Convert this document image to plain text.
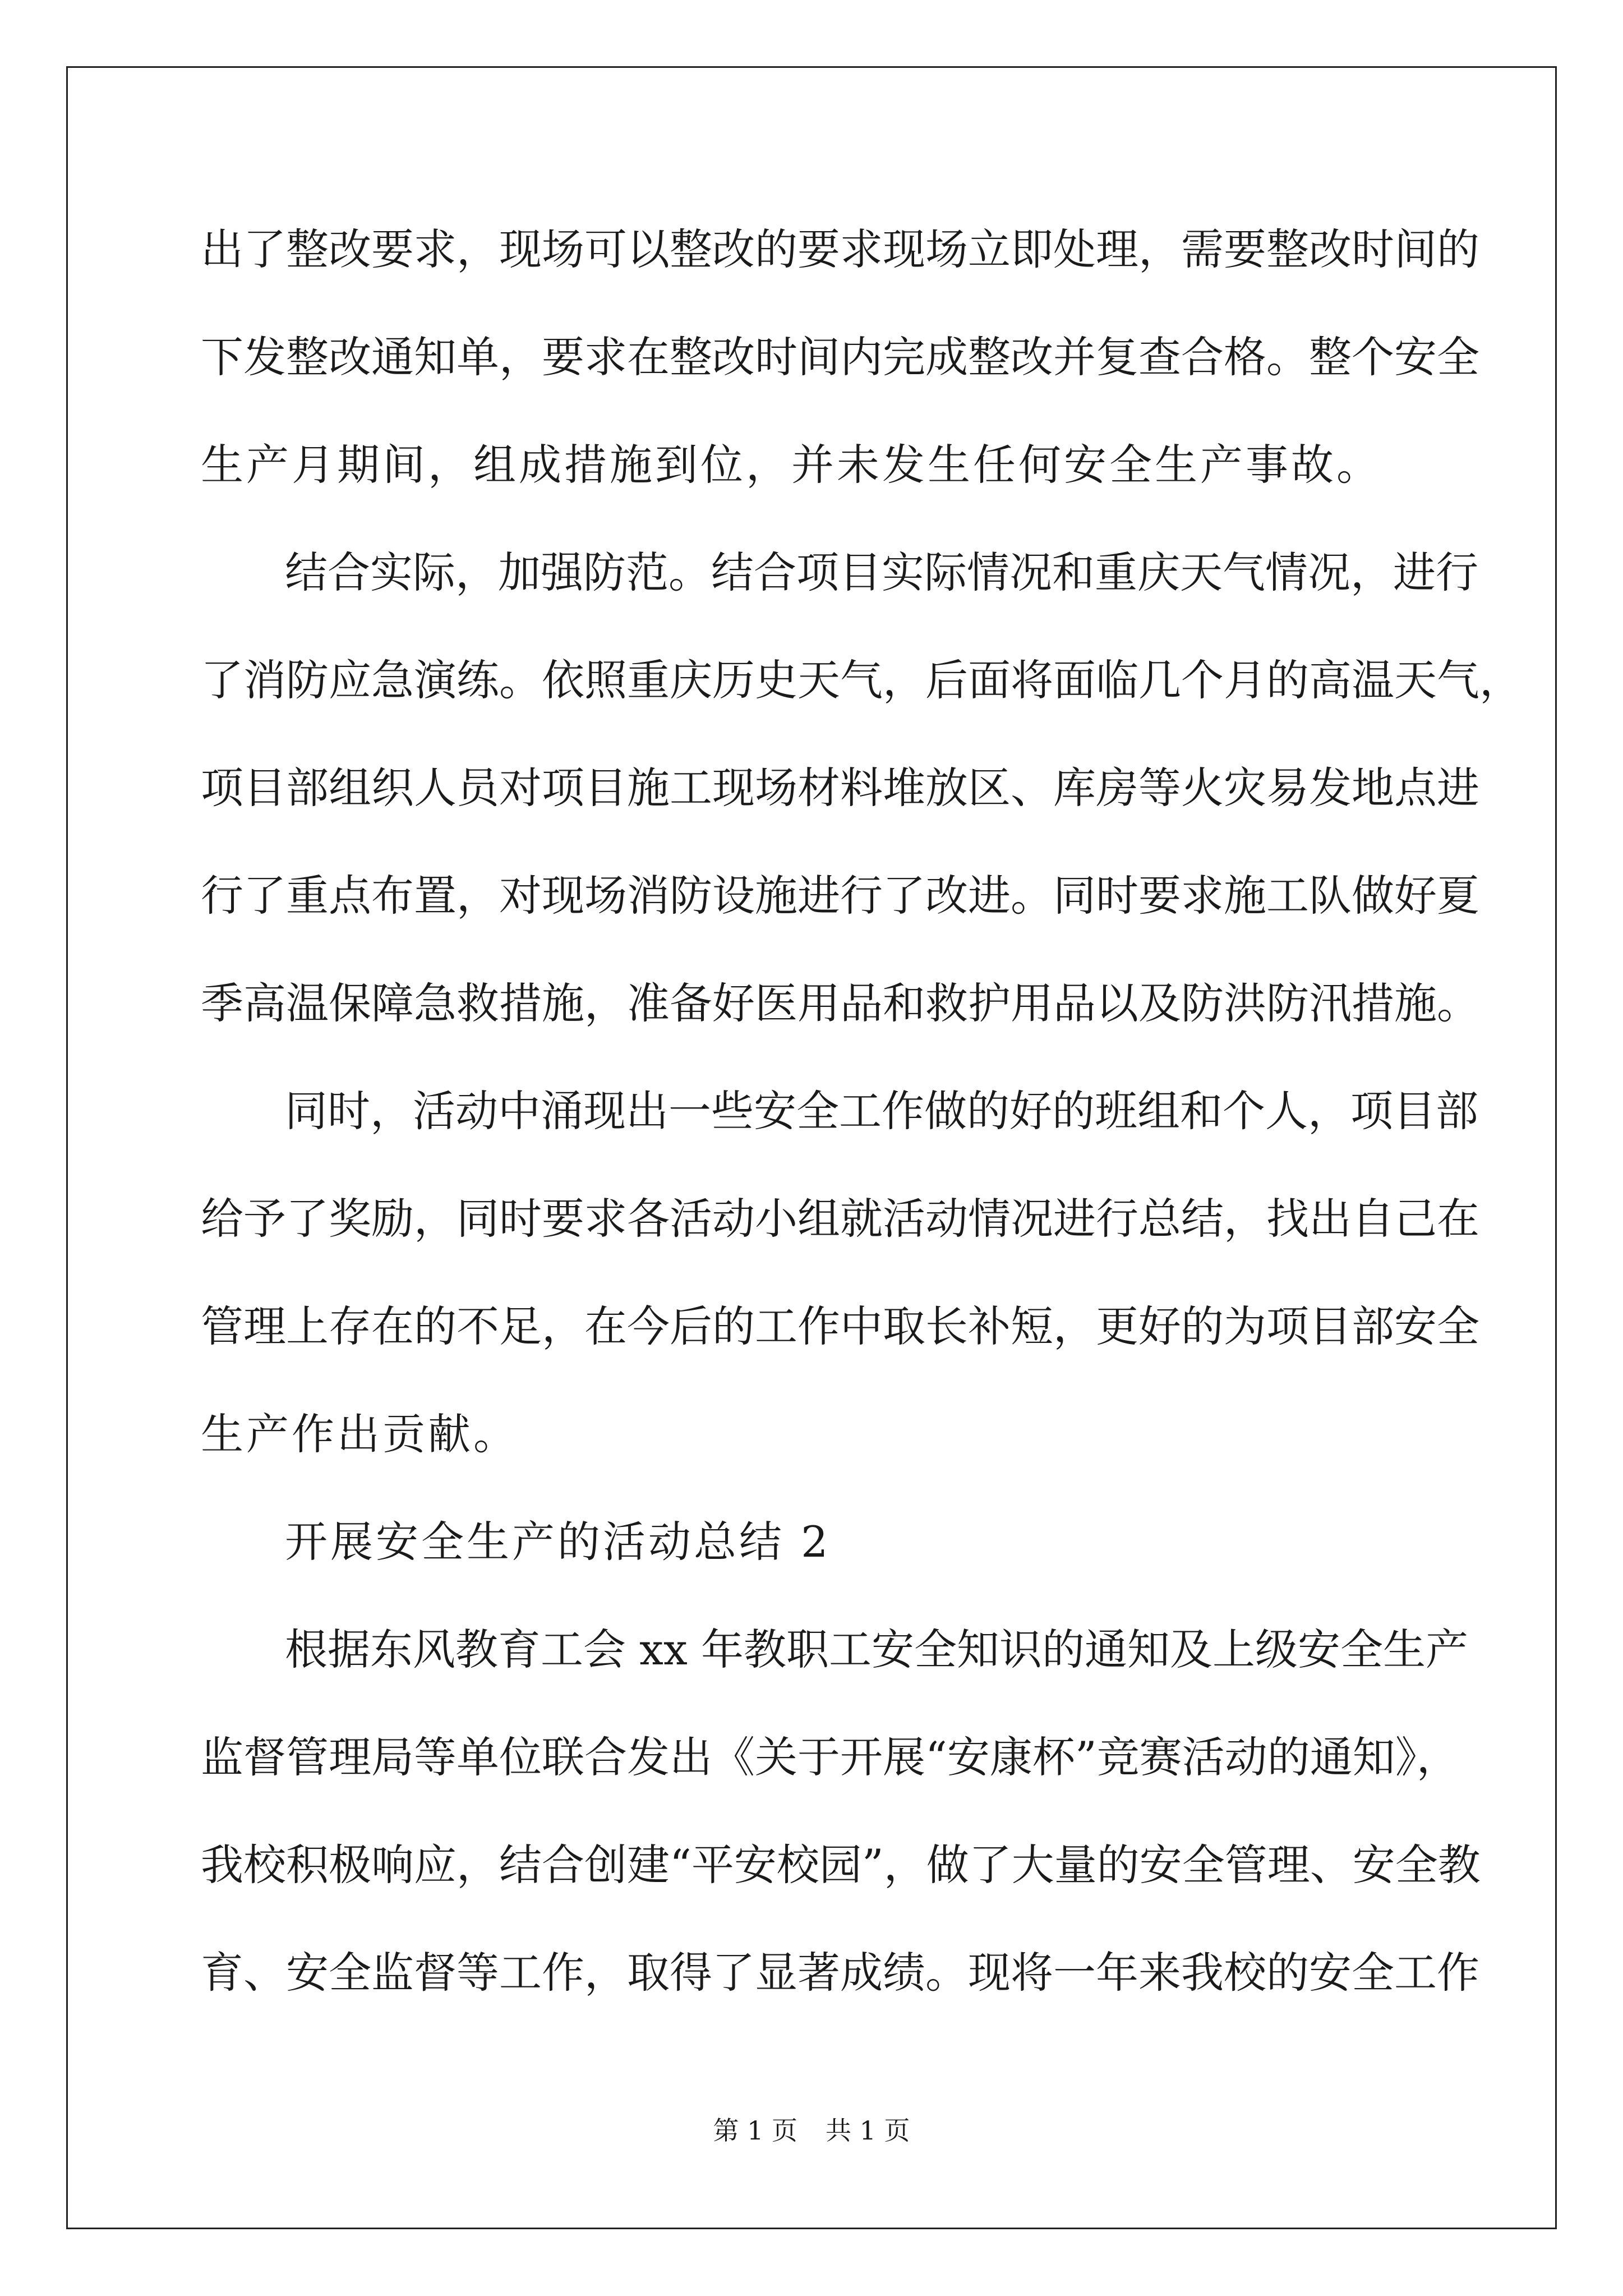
出了整改要求，现场可以整改的要求现场立即处理，需要整改时间的
下发整改通知单，要求在整改时间内完成整改并复查合格。整个安全
生产月期间，组成措施到位，并未发生任何安全生产事故。
结合实际，加强防范。结合项目实际情况和重庆天气情况，进行
了消防应急演练。依照重庆历史天气，后面将面临几个月的高温天气，
项目部组织人员对项目施工现场材料堆放区、库房等火灾易发地点进
行了重点布置，对现场消防设施进行了改进。同时要求施工队做好夏
季高温保障急救措施，准备好医用品和救护用品以及防洪防汛措施。
同时，活动中涌现出一些安全工作做的好的班组和个人，项目部
给予了奖励，同时要求各活动小组就活动情况进行总结，找出自己在
管理上存在的不足，在今后的工作中取长补短，更好的为项目部安全
生产作出贡献。
开展安全生产的活动总结 2
根据东风教育工会 xx 年教职工安全知识的通知及上级安全生产
监督管理局等单位联合发出《关于开展“安康杯”竞赛活动的通知》，
我校积极响应，结合创建“平安校园”，做了大量的安全管理、安全教
育、安全监督等工作，取得了显著成绩。现将一年来我校的安全工作
第 1 页 共 1 页
